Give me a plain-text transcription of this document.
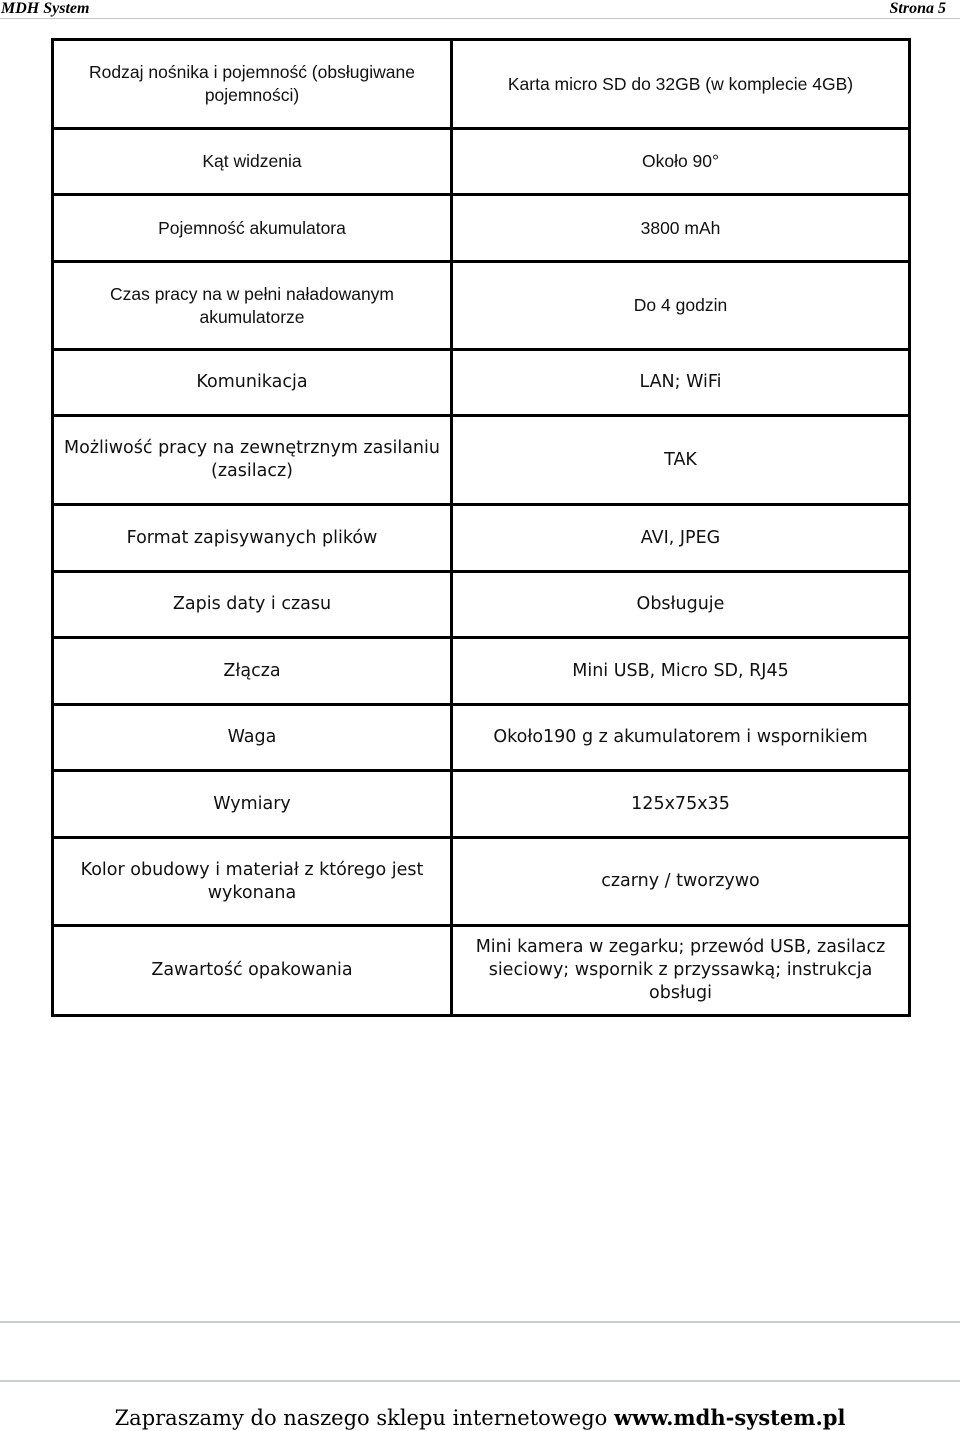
MDH System	Strona 5
Rodzaj nośnika i pojemność (obsługiwane pojemności)	Karta micro SD do 32GB (w komplecie 4GB)
Kąt widzenia	Około 90°
Pojemność akumulatora	3800 mAh
Czas pracy na w pełni naładowanym akumulatorze	Do 4 godzin
Komunikacja	LAN; WiFi
Możliwość pracy na zewnętrznym zasilaniu (zasilacz)	TAK
Format zapisywanych plików	AVI, JPEG
Zapis daty i czasu	Obsługuje
Złącza	Mini USB, Micro SD, RJ45
Waga	Około190 g z akumulatorem i wspornikiem
Wymiary	125x75x35
Kolor obudowy i materiał z którego jest wykonana	czarny / tworzywo
Zawartość opakowania	Mini kamera w zegarku; przewód USB, zasilacz sieciowy; wspornik z przyssawką; instrukcja obsługi
Zapraszamy do naszego sklepu internetowego www.mdh-system.pl
